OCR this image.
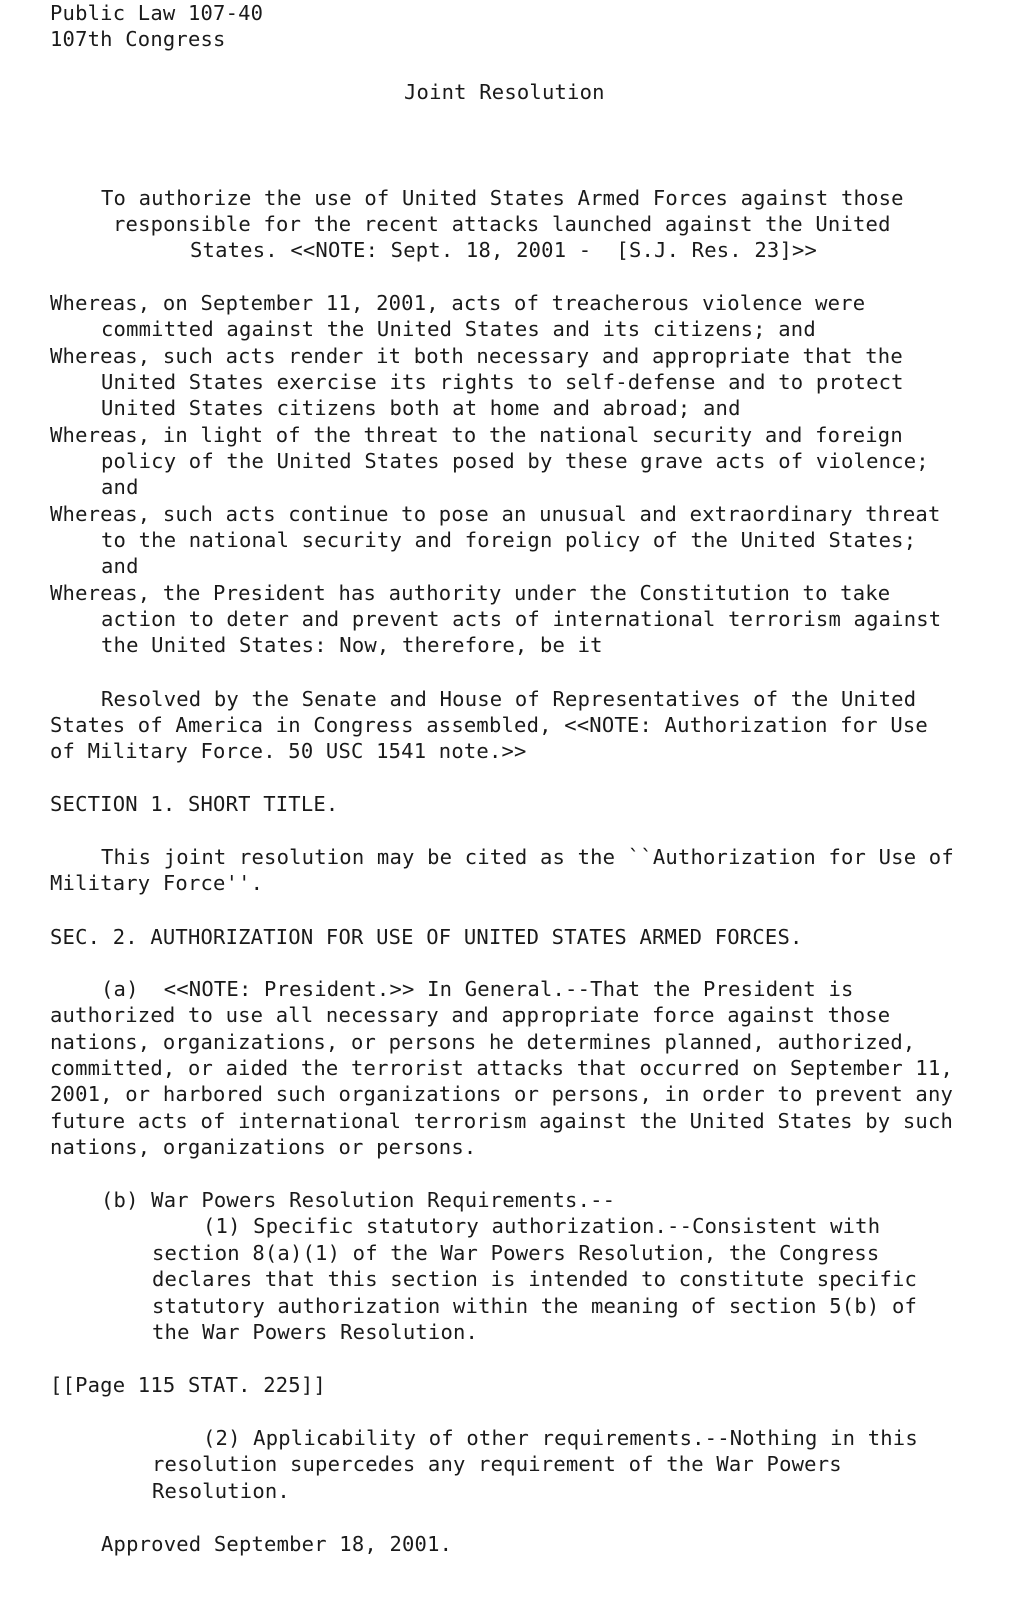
Public Law 107-40

107th Congress

Joint Resolution

To authorize the use of United States Armed Forces against those

responsible for the recent attacks launched against the United

States. <<NOTE: Sept. 18, 2001 -  [S.J. Res. 23]>>

Whereas, on September 11, 2001, acts of treacherous violence were

committed against the United States and its citizens; and

Whereas, such acts render it both necessary and appropriate that the

United States exercise its rights to self-defense and to protect

United States citizens both at home and abroad; and

Whereas, in light of the threat to the national security and foreign

policy of the United States posed by these grave acts of violence;

and

Whereas, such acts continue to pose an unusual and extraordinary threat

to the national security and foreign policy of the United States;

and

Whereas, the President has authority under the Constitution to take

action to deter and prevent acts of international terrorism against

the United States: Now, therefore, be it

Resolved by the Senate and House of Representatives of the United

States of America in Congress assembled, <<NOTE: Authorization for Use

of Military Force. 50 USC 1541 note.>>

SECTION 1. SHORT TITLE.

This joint resolution may be cited as the ``Authorization for Use of

Military Force''.

SEC. 2. AUTHORIZATION FOR USE OF UNITED STATES ARMED FORCES.

(a)  <<NOTE: President.>> In General.--That the President is

authorized to use all necessary and appropriate force against those

nations, organizations, or persons he determines planned, authorized,

committed, or aided the terrorist attacks that occurred on September 11,

2001, or harbored such organizations or persons, in order to prevent any

future acts of international terrorism against the United States by such

nations, organizations or persons.

(b) War Powers Resolution Requirements.--

(1) Specific statutory authorization.--Consistent with

section 8(a)(1) of the War Powers Resolution, the Congress

declares that this section is intended to constitute specific

statutory authorization within the meaning of section 5(b) of

the War Powers Resolution.

[[Page 115 STAT. 225]]

(2) Applicability of other requirements.--Nothing in this

resolution supercedes any requirement of the War Powers

Resolution.

Approved September 18, 2001.
